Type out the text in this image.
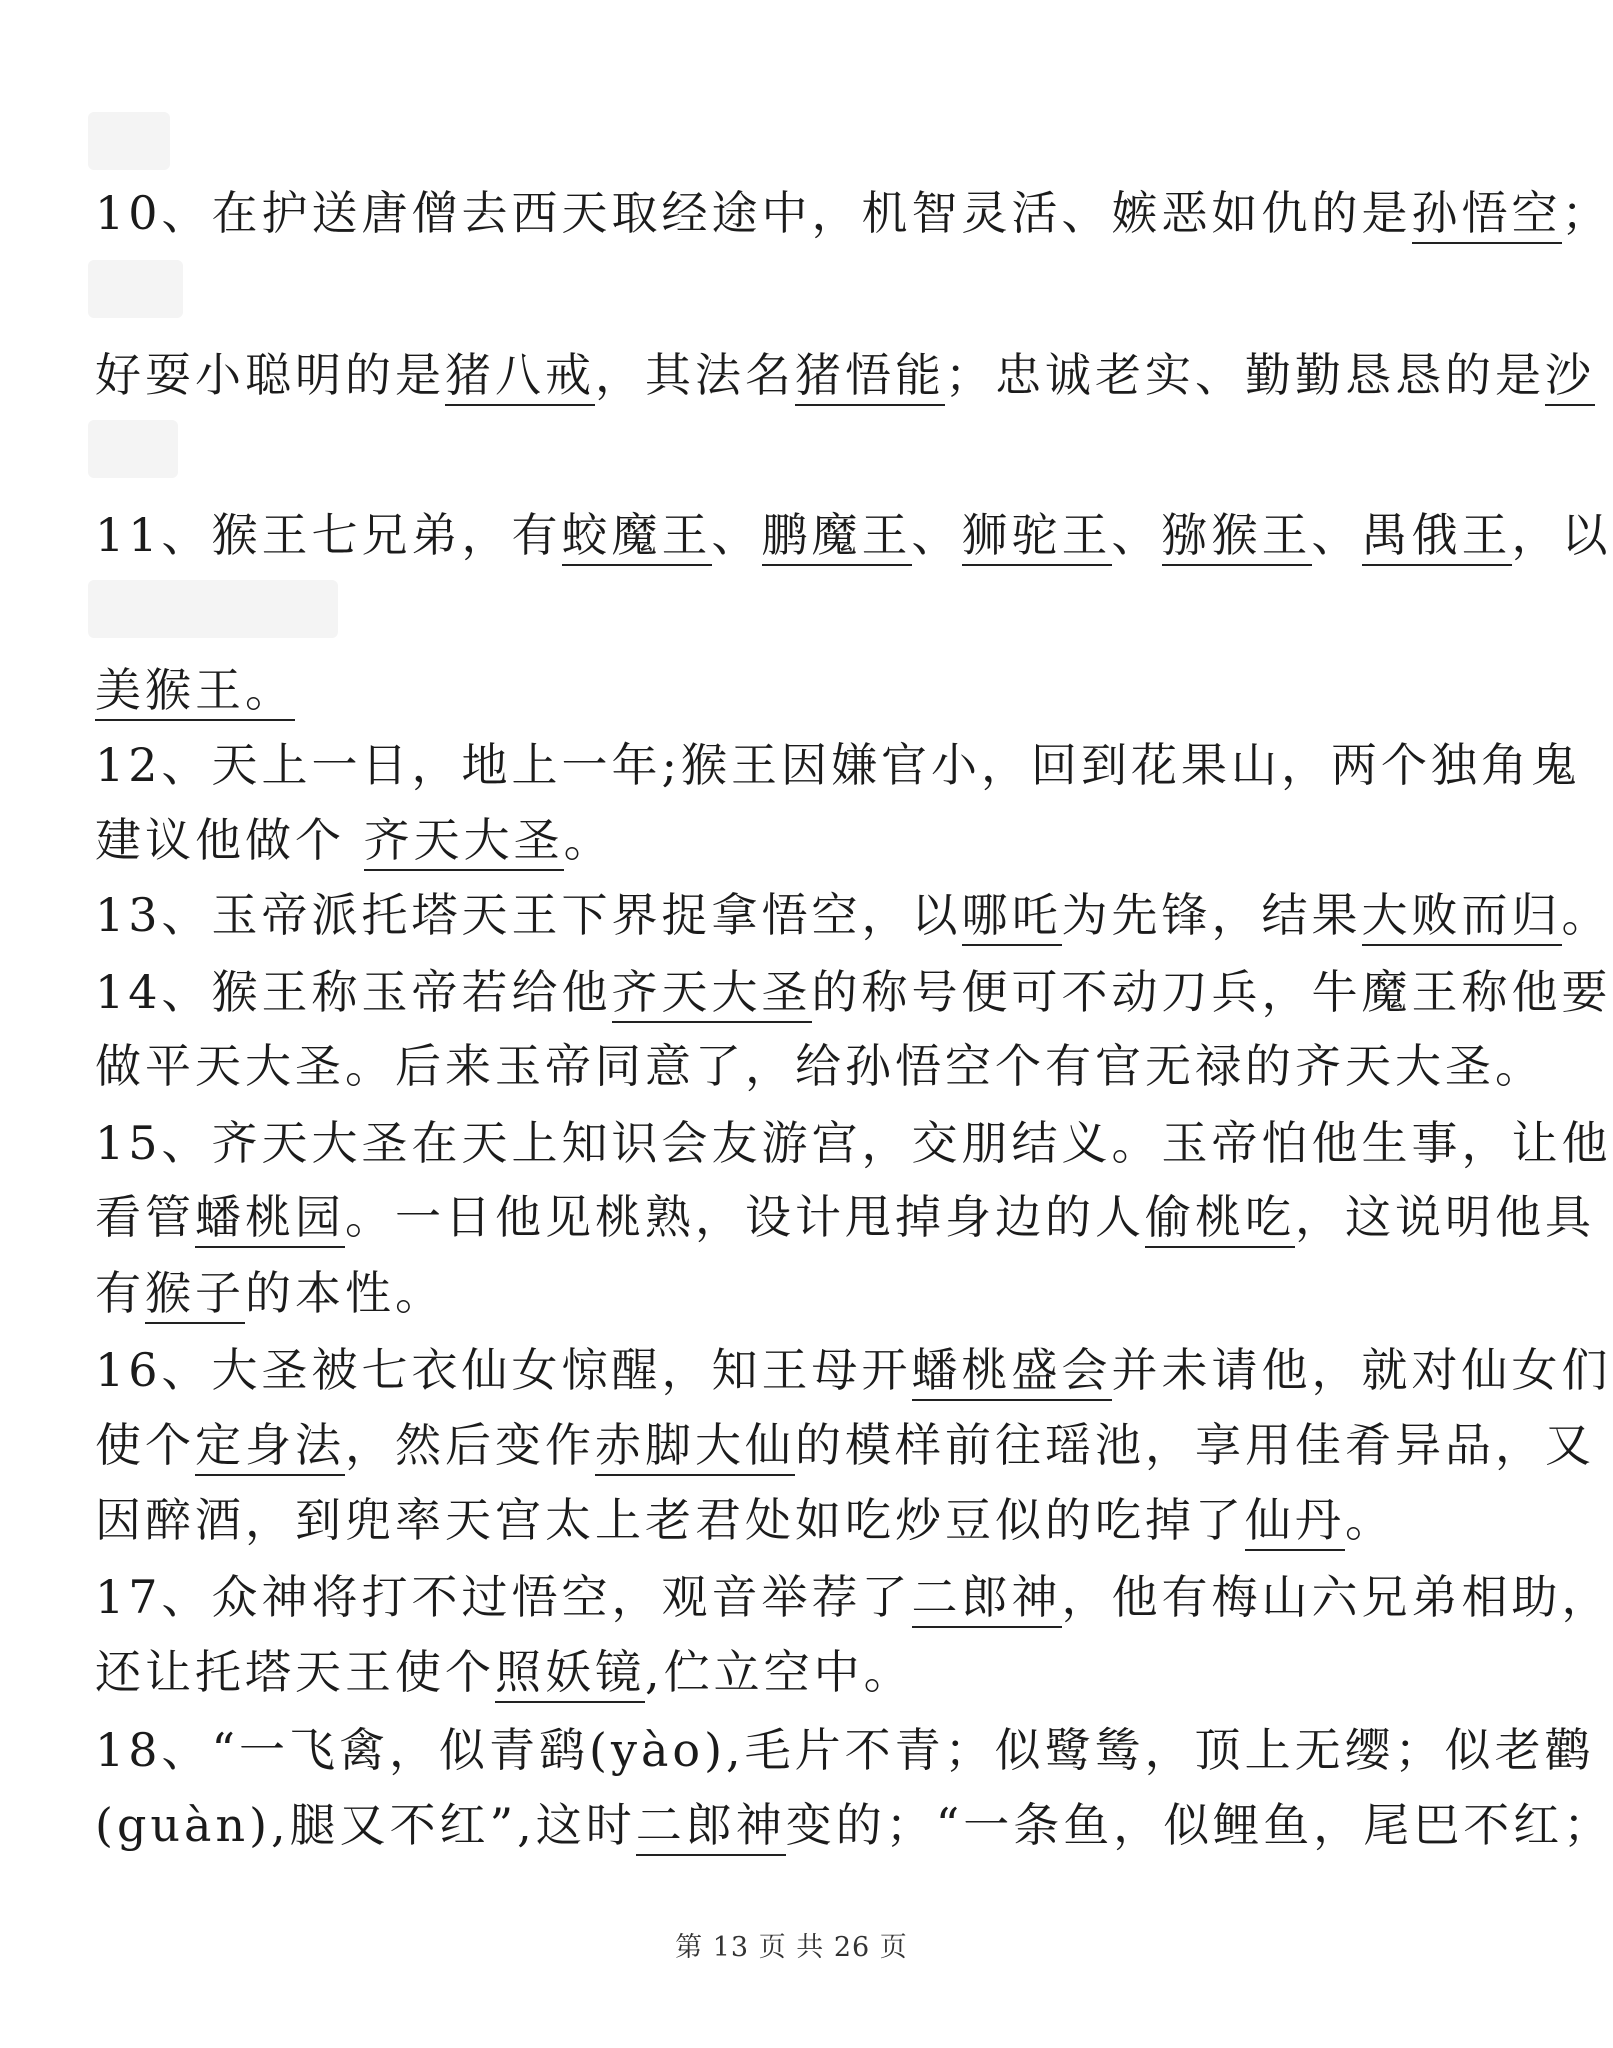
10、在护送唐僧去西天取经途中，机智灵活、嫉恶如仇的是孙悟空；
好耍小聪明的是猪八戒，其法名猪悟能；忠诚老实、勤勤恳恳的是沙
11、猴王七兄弟，有蛟魔王、鹏魔王、狮驼王、猕猴王、禺俄王，以
美猴王。
12、天上一日，地上一年;猴王因嫌官小，回到花果山，两个独角鬼
建议他做个 齐天大圣。
13、玉帝派托塔天王下界捉拿悟空，以哪吒为先锋，结果大败而归。
14、猴王称玉帝若给他齐天大圣的称号便可不动刀兵，牛魔王称他要
做平天大圣。后来玉帝同意了，给孙悟空个有官无禄的齐天大圣。
15、齐天大圣在天上知识会友游宫，交朋结义。玉帝怕他生事，让他
看管蟠桃园。一日他见桃熟，设计甩掉身边的人偷桃吃，这说明他具
有猴子的本性。
16、大圣被七衣仙女惊醒，知王母开蟠桃盛会并未请他，就对仙女们
使个定身法，然后变作赤脚大仙的模样前往瑶池，享用佳肴异品，又
因醉酒，到兜率天宫太上老君处如吃炒豆似的吃掉了仙丹。
17、众神将打不过悟空，观音举荐了二郎神，他有梅山六兄弟相助，
还让托塔天王使个照妖镜,伫立空中。
18、“一飞禽，似青鹞(yào),毛片不青；似鹭鸶，顶上无缨；似老鹳
(guàn),腿又不红”,这时二郎神变的；“一条鱼，似鲤鱼，尾巴不红；
第 13 页 共 26 页
